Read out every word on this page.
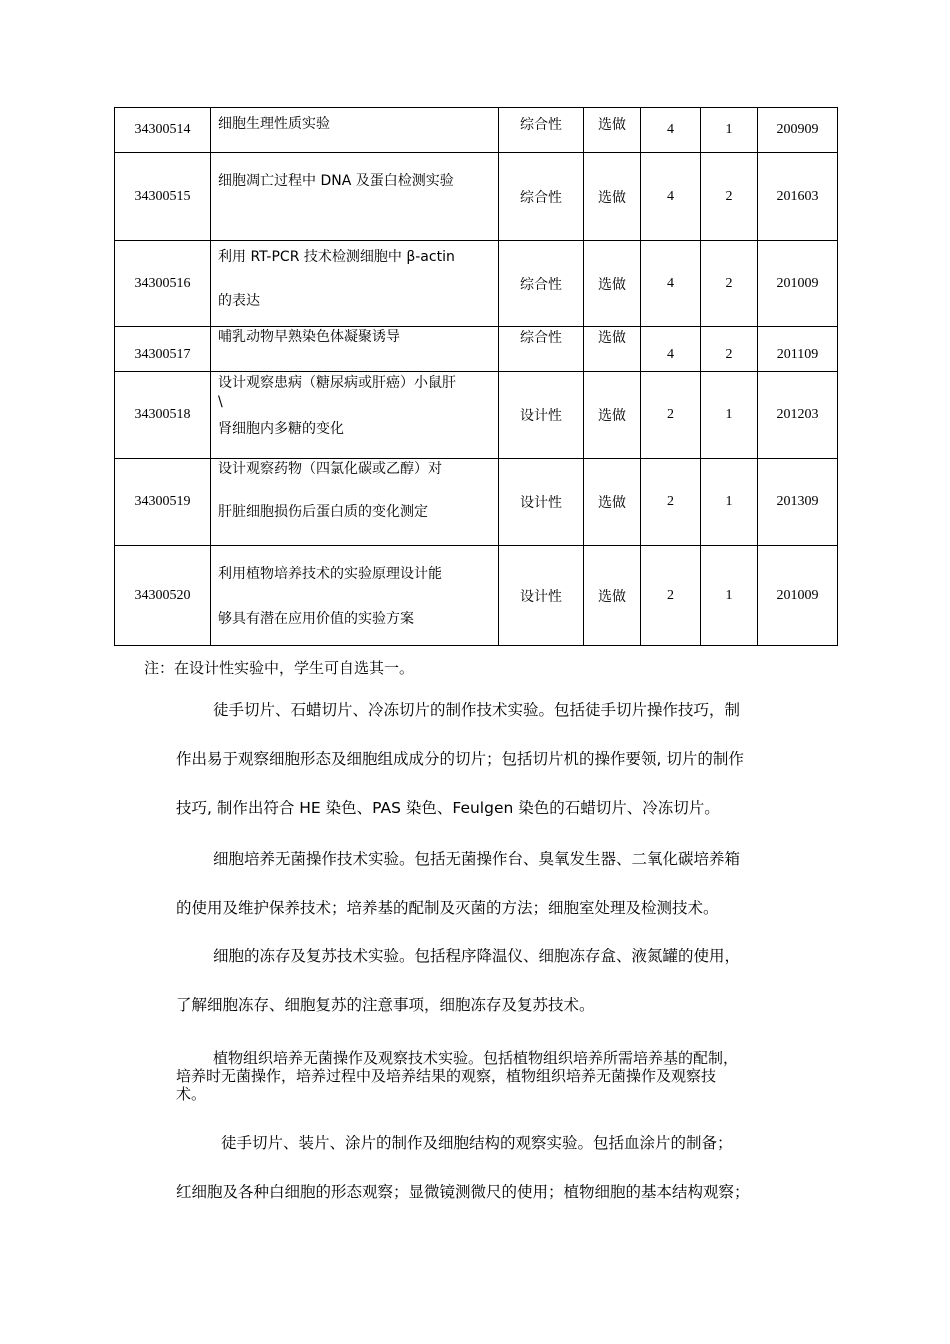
34300514	细胞生理性质实验	综合性	选做	4	1	200909
34300515	细胞凋亡过程中 DNA 及蛋白检测实验	综合性	选做	4	2	201603
34300516	利用 RT-PCR 技术检测细胞中 β-actin
的表达	综合性	选做	4	2	201009
34300517	哺乳动物早熟染色体凝聚诱导	综合性	选做	4	2	201109
34300518	设计观察患病（糖尿病或肝癌）小鼠肝
\
肾细胞内多糖的变化	设计性	选做	2	1	201203
34300519	设计观察药物（四氯化碳或乙醇）对
肝脏细胞损伤后蛋白质的变化测定	设计性	选做	2	1	201309
34300520	利用植物培养技术的实验原理设计能
够具有潜在应用价值的实验方案	设计性	选做	2	1	201009
注：在设计性实验中，学生可自选其一。
徒手切片、石蜡切片、冷冻切片的制作技术实验。包括徒手切片操作技巧，制
作出易于观察细胞形态及细胞组成成分的切片；包括切片机的操作要领, 切片的制作
技巧, 制作出符合 HE 染色、PAS 染色、Feulgen 染色的石蜡切片、冷冻切片。
细胞培养无菌操作技术实验。包括无菌操作台、臭氧发生器、二氧化碳培养箱
的使用及维护保养技术；培养基的配制及灭菌的方法；细胞室处理及检测技术。
细胞的冻存及复苏技术实验。包括程序降温仪、细胞冻存盒、液氮罐的使用，
了解细胞冻存、细胞复苏的注意事项，细胞冻存及复苏技术。
植物组织培养无菌操作及观察技术实验。包括植物组织培养所需培养基的配制，
培养时无菌操作，培养过程中及培养结果的观察，植物组织培养无菌操作及观察技
术。
徒手切片、装片、涂片的制作及细胞结构的观察实验。包括血涂片的制备；
红细胞及各种白细胞的形态观察；显微镜测微尺的使用；植物细胞的基本结构观察；
